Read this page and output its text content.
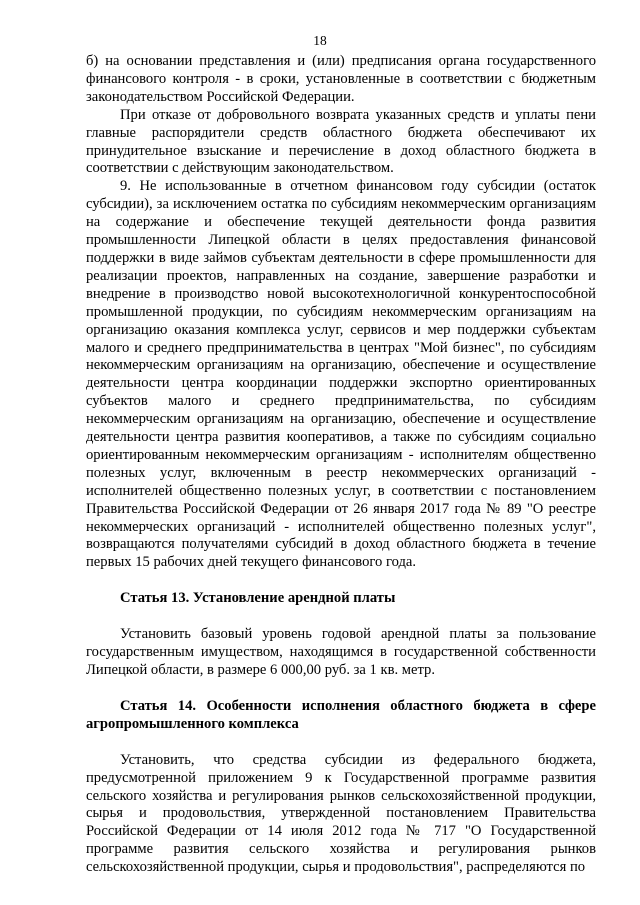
18

б) на основании представления и (или) предписания органа государственного финансового контроля - в сроки, установленные в соответствии с бюджетным законодательством Российской Федерации.

При отказе от добровольного возврата указанных средств и уплаты пени главные распорядители средств областного бюджета обеспечивают их принудительное взыскание и перечисление в доход областного бюджета в соответствии с действующим законодательством.

9. Не использованные в отчетном финансовом году субсидии (остаток субсидии), за исключением остатка по субсидиям некоммерческим организациям на содержание и обеспечение текущей деятельности фонда развития промышленности Липецкой области в целях предоставления финансовой поддержки в виде займов субъектам деятельности в сфере промышленности для реализации проектов, направленных на создание, завершение разработки и внедрение в производство новой высокотехнологичной конкурентоспособной промышленной продукции, по субсидиям некоммерческим организациям на организацию оказания комплекса услуг, сервисов и мер поддержки субъектам малого и среднего предпринимательства в центрах "Мой бизнес", по субсидиям некоммерческим организациям на организацию, обеспечение и осуществление деятельности центра координации поддержки экспортно ориентированных субъектов малого и среднего предпринимательства, по субсидиям некоммерческим организациям на организацию, обеспечение и осуществление деятельности центра развития кооперативов, а также по субсидиям социально ориентированным некоммерческим организациям - исполнителям общественно полезных услуг, включенным в реестр некоммерческих организаций - исполнителей общественно полезных услуг, в соответствии с постановлением Правительства Российской Федерации от 26 января 2017 года № 89 "О реестре некоммерческих организаций - исполнителей общественно полезных услуг", возвращаются получателями субсидий в доход областного бюджета в течение первых 15 рабочих дней текущего финансового года.

Статья 13. Установление арендной платы

Установить базовый уровень годовой арендной платы за пользование государственным имуществом, находящимся в государственной собственности Липецкой области, в размере 6 000,00 руб. за 1 кв. метр.

Статья 14. Особенности исполнения областного бюджета в сфере агропромышленного комплекса

Установить, что средства субсидии из федерального бюджета, предусмотренной приложением 9 к Государственной программе развития сельского хозяйства и регулирования рынков сельскохозяйственной продукции, сырья и продовольствия, утвержденной постановлением Правительства Российской Федерации от 14 июля 2012 года № 717 "О Государственной программе развития сельского хозяйства и регулирования рынков сельскохозяйственной продукции, сырья и продовольствия", распределяются по
